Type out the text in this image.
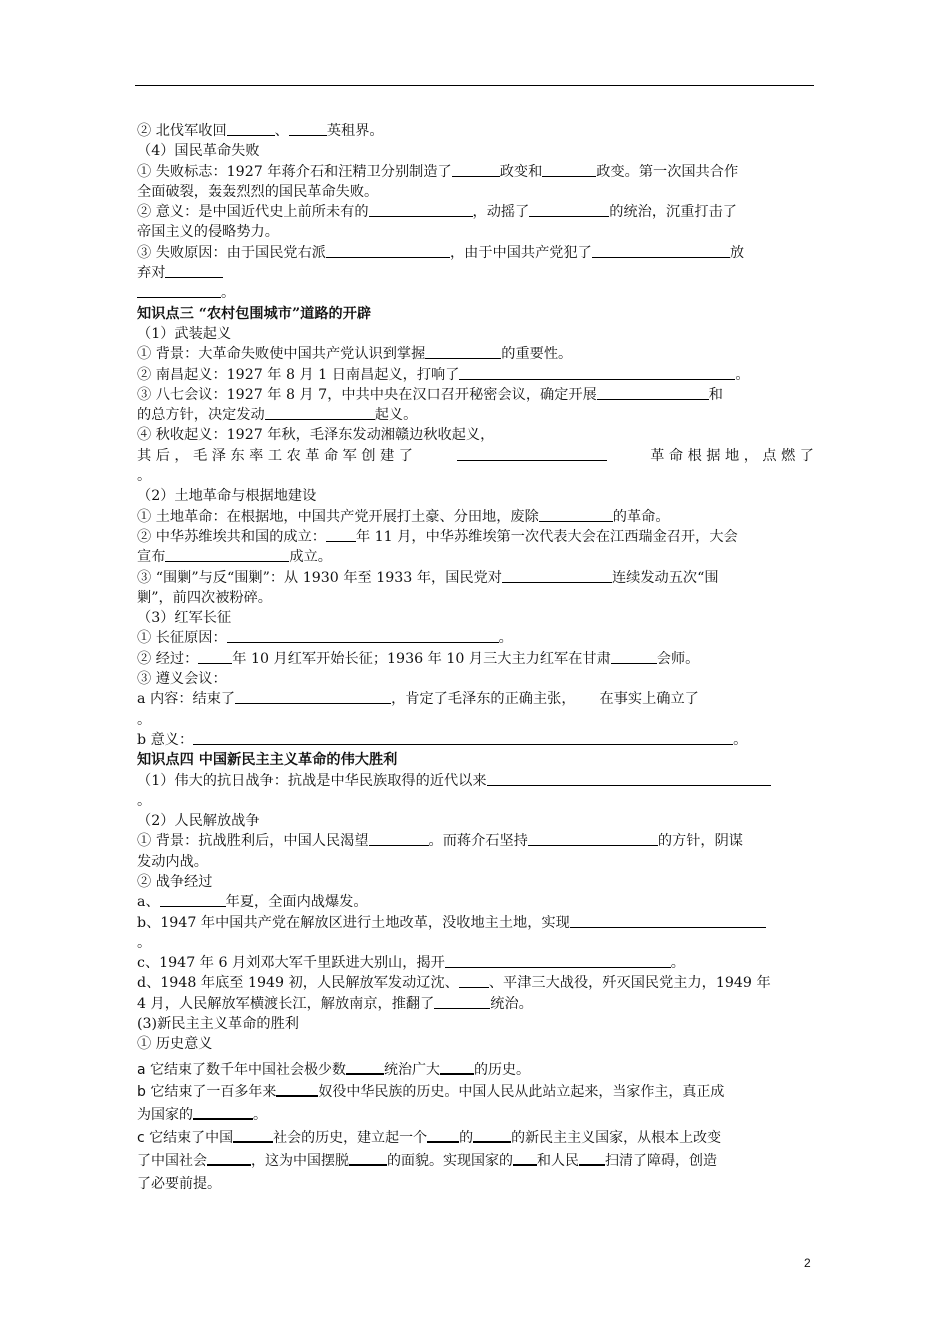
② 北伐军收回	、	英租界。
（4）国民革命失败
① 失败标志：1927 年蒋介石和汪精卫分别制造了	政变和	政变。第一次国共合作
全面破裂，轰轰烈烈的国民革命失败。
② 意义：是中国近代史上前所未有的	，动摇了	的统治，沉重打击了
帝国主义的侵略势力。
③ 失败原因：由于国民党右派	，由于中国共产党犯了	放
弃对
。
知识点三 “农村包围城市”道路的开辟
（1）武装起义
① 背景：大革命失败使中国共产党认识到掌握	的重要性。
② 南昌起义：1927 年 8 月 1 日南昌起义，打响了	。
③ 八七会议：1927 年 8 月 7，中共中央在汉口召开秘密会议，确定开展	和
的总方针，决定发动	起义。
④ 秋收起义：1927 年秋，毛泽东发动湘赣边秋收起义，
其 后 ， 毛 泽 东 率 工 农 革 命 军 创 建 了	革 命 根 据 地 ， 点 燃 了
。
（2）土地革命与根据地建设
① 土地革命：在根据地，中国共产党开展打土豪、分田地，废除	的革命。
② 中华苏维埃共和国的成立： 年 11 月，中华苏维埃第一次代表大会在江西瑞金召开，大会
宣布	成立。
③ “围剿”与反“围剿”：从 1930 年至 1933 年，国民党对	连续发动五次“围
剿”，前四次被粉碎。
（3）红军长征
① 长征原因：	。
② 经过： 年 10 月红军开始长征；1936 年 10 月三大主力红军在甘肃	会师。
③ 遵义会议：
a 内容：结束了	，肯定了毛泽东的正确主张， 在事实上确立了
。
b 意义：	。
知识点四 中国新民主主义革命的伟大胜利
（1）伟大的抗日战争：抗战是中华民族取得的近代以来
。
（2）人民解放战争
① 背景：抗战胜利后，中国人民渴望	。而蒋介石坚持	的方针，阴谋
发动内战。
② 战争经过
a、	年夏，全面内战爆发。
b、1947 年中国共产党在解放区进行土地改革，没收地主土地，实现
。
c、1947 年 6 月刘邓大军千里跃进大别山，揭开	。
d、1948 年底至 1949 初，人民解放军发动辽沈、 、平津三大战役，歼灭国民党主力，1949 年
4 月，人民解放军横渡长江，解放南京，推翻了	统治。
(3)新民主主义革命的胜利
① 历史意义
a 它结束了数千年中国社会极少数	统治广大 的历史。
b 它结束了一百多年来	奴役中华民族的历史。中国人民从此站立起来，当家作主，真正成
为国家的	。
c 它结束了中国	社会的历史，建立起一个 的	的新民主主义国家，从根本上改变
了中国社会	，这为中国摆脱	的面貌。实现国家的 和人民 扫清了障碍，创造
了必要前提。
2
